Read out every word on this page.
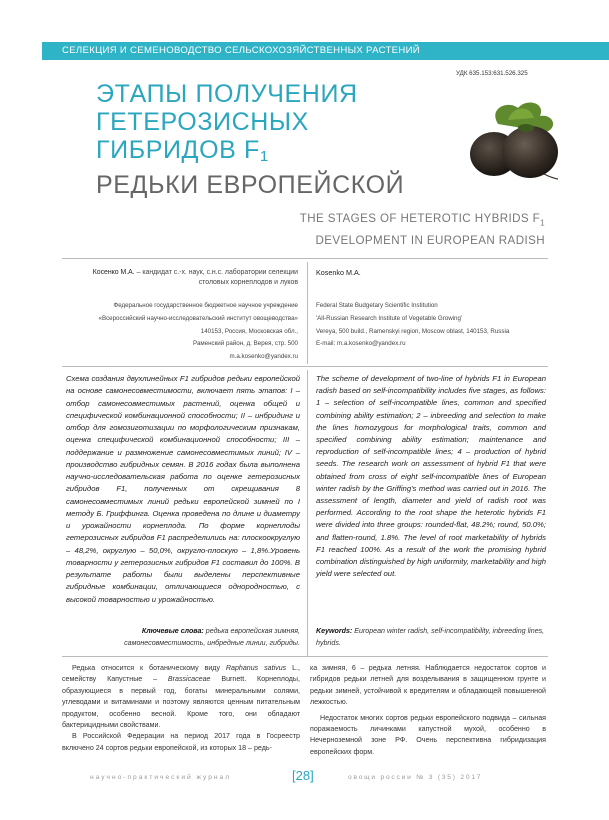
СЕЛЕКЦИЯ И СЕМЕНОВОДСТВО СЕЛЬСКОХОЗЯЙСТВЕННЫХ РАСТЕНИЙ
УДК 635.153:631.526.325
ЭТАПЫ ПОЛУЧЕНИЯ
ГЕТЕРОЗИСНЫХ
ГИБРИДОВ $F_1$
РЕДЬКИ ЕВРОПЕЙСКОЙ
THE STAGES OF HETEROTIC HYBRIDS $F_1$
DEVELOPMENT IN EUROPEAN RADISH
Косенко М.А. – кандидат с.-х. наук, с.н.с. лаборатории селекции столовых корнеплодов и луков
Kosenko M.A.
Федеральное государственное бюджетное научное учреждение
«Всероссийский научно-исследовательский институт овощеводства»
140153, Россия, Московская обл.,
Раменский район, д. Верея, стр. 500
m.a.kosenko@yandex.ru
Federal State Budgetary Scientific Institution
'All-Russian Research Institute of Vegetable Growing'
Vereya, 500 build., Ramenskyi region, Moscow oblast, 140153, Russia
E-mail: m.a.kosenko@yandex.ru
Схема создания двухлинейных F1 гибридов редьки европейской на основе самонесовместимости, включает пять этапов: I – отбор самонесовместимых растений, оценка общей и специфической комбинационной способности; II – инбридинг и отбор для гомозиготизации по морфологическим признакам, оценка специфической комбинационной способности; III – поддержание и размножение самонесовместимых линий; IV – производство гибридных семян. В 2016 годах была выполнена научно-исследовательская работа по оценке гетерозисных гибридов F1, полученных от скрещивания 8 самонесовместимых линий редьки европейской зимней по I методу Б. Гриффинга. Оценка проведена по длине и диаметру и урожайности корнеплода. По форме корнеплоды гетерозисных гибридов F1 распределились на: плоскоокруглую – 48,2%, округлую – 50,0%, округло-плоскую – 1,8%.Уровень товарности у гетерозисных гибридов F1 составил до 100%. В результате работы были выделены перспективные гибридные комбинации, отличающиеся однородностью, с высокой товарностью и урожайностью.
The scheme of development of two-line of hybrids F1 in European radish based on self-incompatibility includes five stages, as follows: 1 – selection of self-incompatible lines, common and specified combining ability estimation; 2 – inbreeding and selection to make the lines homozygous for morphological traits, common and specified combining ability estimation; maintenance and reproduction of self-incompatible lines; 4 – production of hybrid seeds. The research work on assessment of hybrid F1 that were obtained from cross of eight self-incompatible lines of European winter radish by the Griffing's method was carried out in 2016. The assessment of length, diameter and yield of radish root was performed. According to the root shape the heterotic hybrids F1 were divided into three groups: rounded-flat, 48.2%; round, 50.0%; and flatten-round, 1.8%. The level of root marketability of hybrids F1 reached 100%. As a result of the work the promising hybrid combination distinguished by high uniformity, marketability and high yield were selected out.
Ключевые слова: редька европейская зимняя, самонесовместимость, инбредные линии, гибриды.
Keywords: European winter radish, self-incompatibility, inbreeding lines, hybrids.

Редька относится к ботаническому виду Raphanus sativus L., семейству Капустные – Brassicaceae Burnett. Корнеплоды, образующиеся в первый год, богаты минеральными солями, углеводами и витаминами и поэтому являются ценным питательным продуктом, особенно весной. Кроме того, они обладают бактерицидными свойствами.

В Российской Федерации на период 2017 года в Госреестр включено 24 сортов редьки европейской, из которых 18 – редь-

ка зимняя, 6 – редька летняя. Наблюдается недостаток сортов и гибридов редьки летней для возделывания в защищенном грунте и редьки зимней, устойчивой к вредителям и обладающей повышенной лежкостью.

Недостаток многих сортов редьки европейского подвида – сильная поражаемость личинками капустной мухой, особенно в Нечерноземной зоне РФ. Очень перспективна гибридизация европейских форм.

научно-практический журнал	[28]	овощи россии № 3 (35) 2017
